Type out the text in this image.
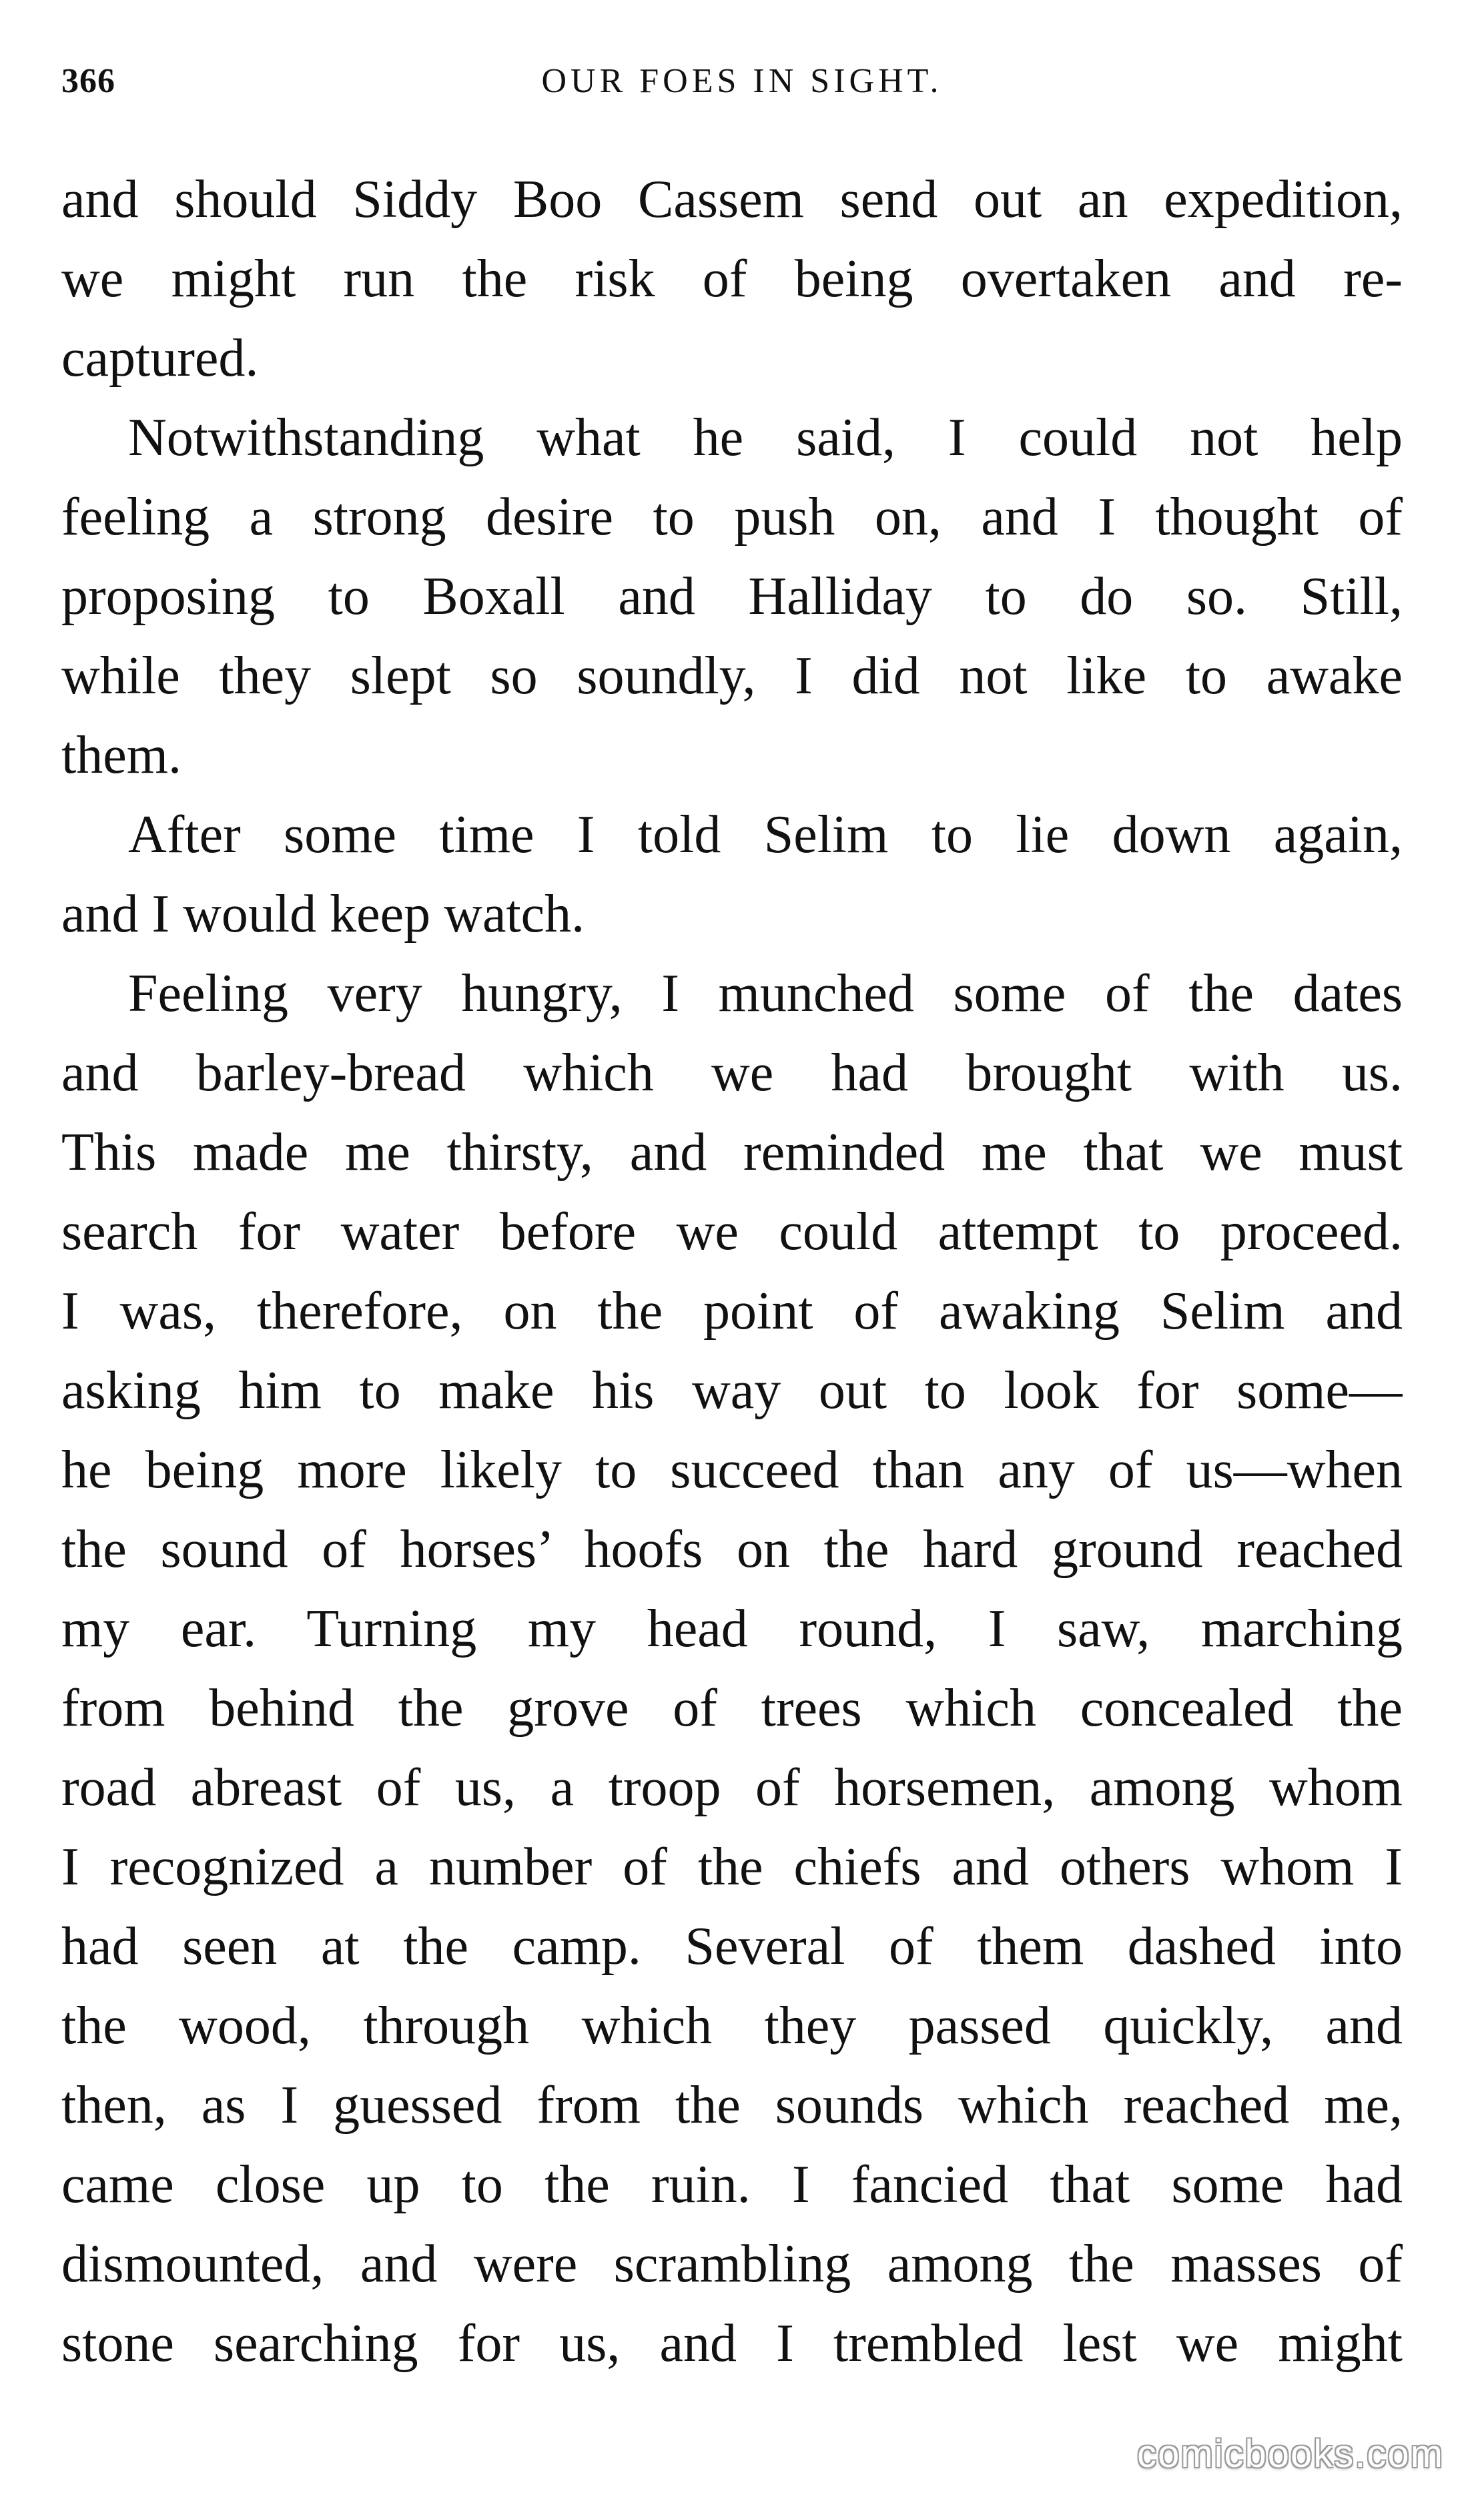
366	OUR FOES IN SIGHT.
and should Siddy Boo Cassem send out an expedition,
we might run the risk of being overtaken and re-
captured.
Notwithstanding what he said, I could not help
feeling a strong desire to push on, and I thought of
proposing to Boxall and Halliday to do so. Still,
while they slept so soundly, I did not like to awake
them.
After some time I told Selim to lie down again,
and I would keep watch.
Feeling very hungry, I munched some of the dates
and barley-bread which we had brought with us.
This made me thirsty, and reminded me that we must
search for water before we could attempt to proceed.
I was, therefore, on the point of awaking Selim and
asking him to make his way out to look for some—
he being more likely to succeed than any of us—when
the sound of horses’ hoofs on the hard ground reached
my ear. Turning my head round, I saw, marching
from behind the grove of trees which concealed the
road abreast of us, a troop of horsemen, among whom
I recognized a number of the chiefs and others whom I
had seen at the camp. Several of them dashed into
the wood, through which they passed quickly, and
then, as I guessed from the sounds which reached me,
came close up to the ruin. I fancied that some had
dismounted, and were scrambling among the masses of
stone searching for us, and I trembled lest we might
comicbooks.com
